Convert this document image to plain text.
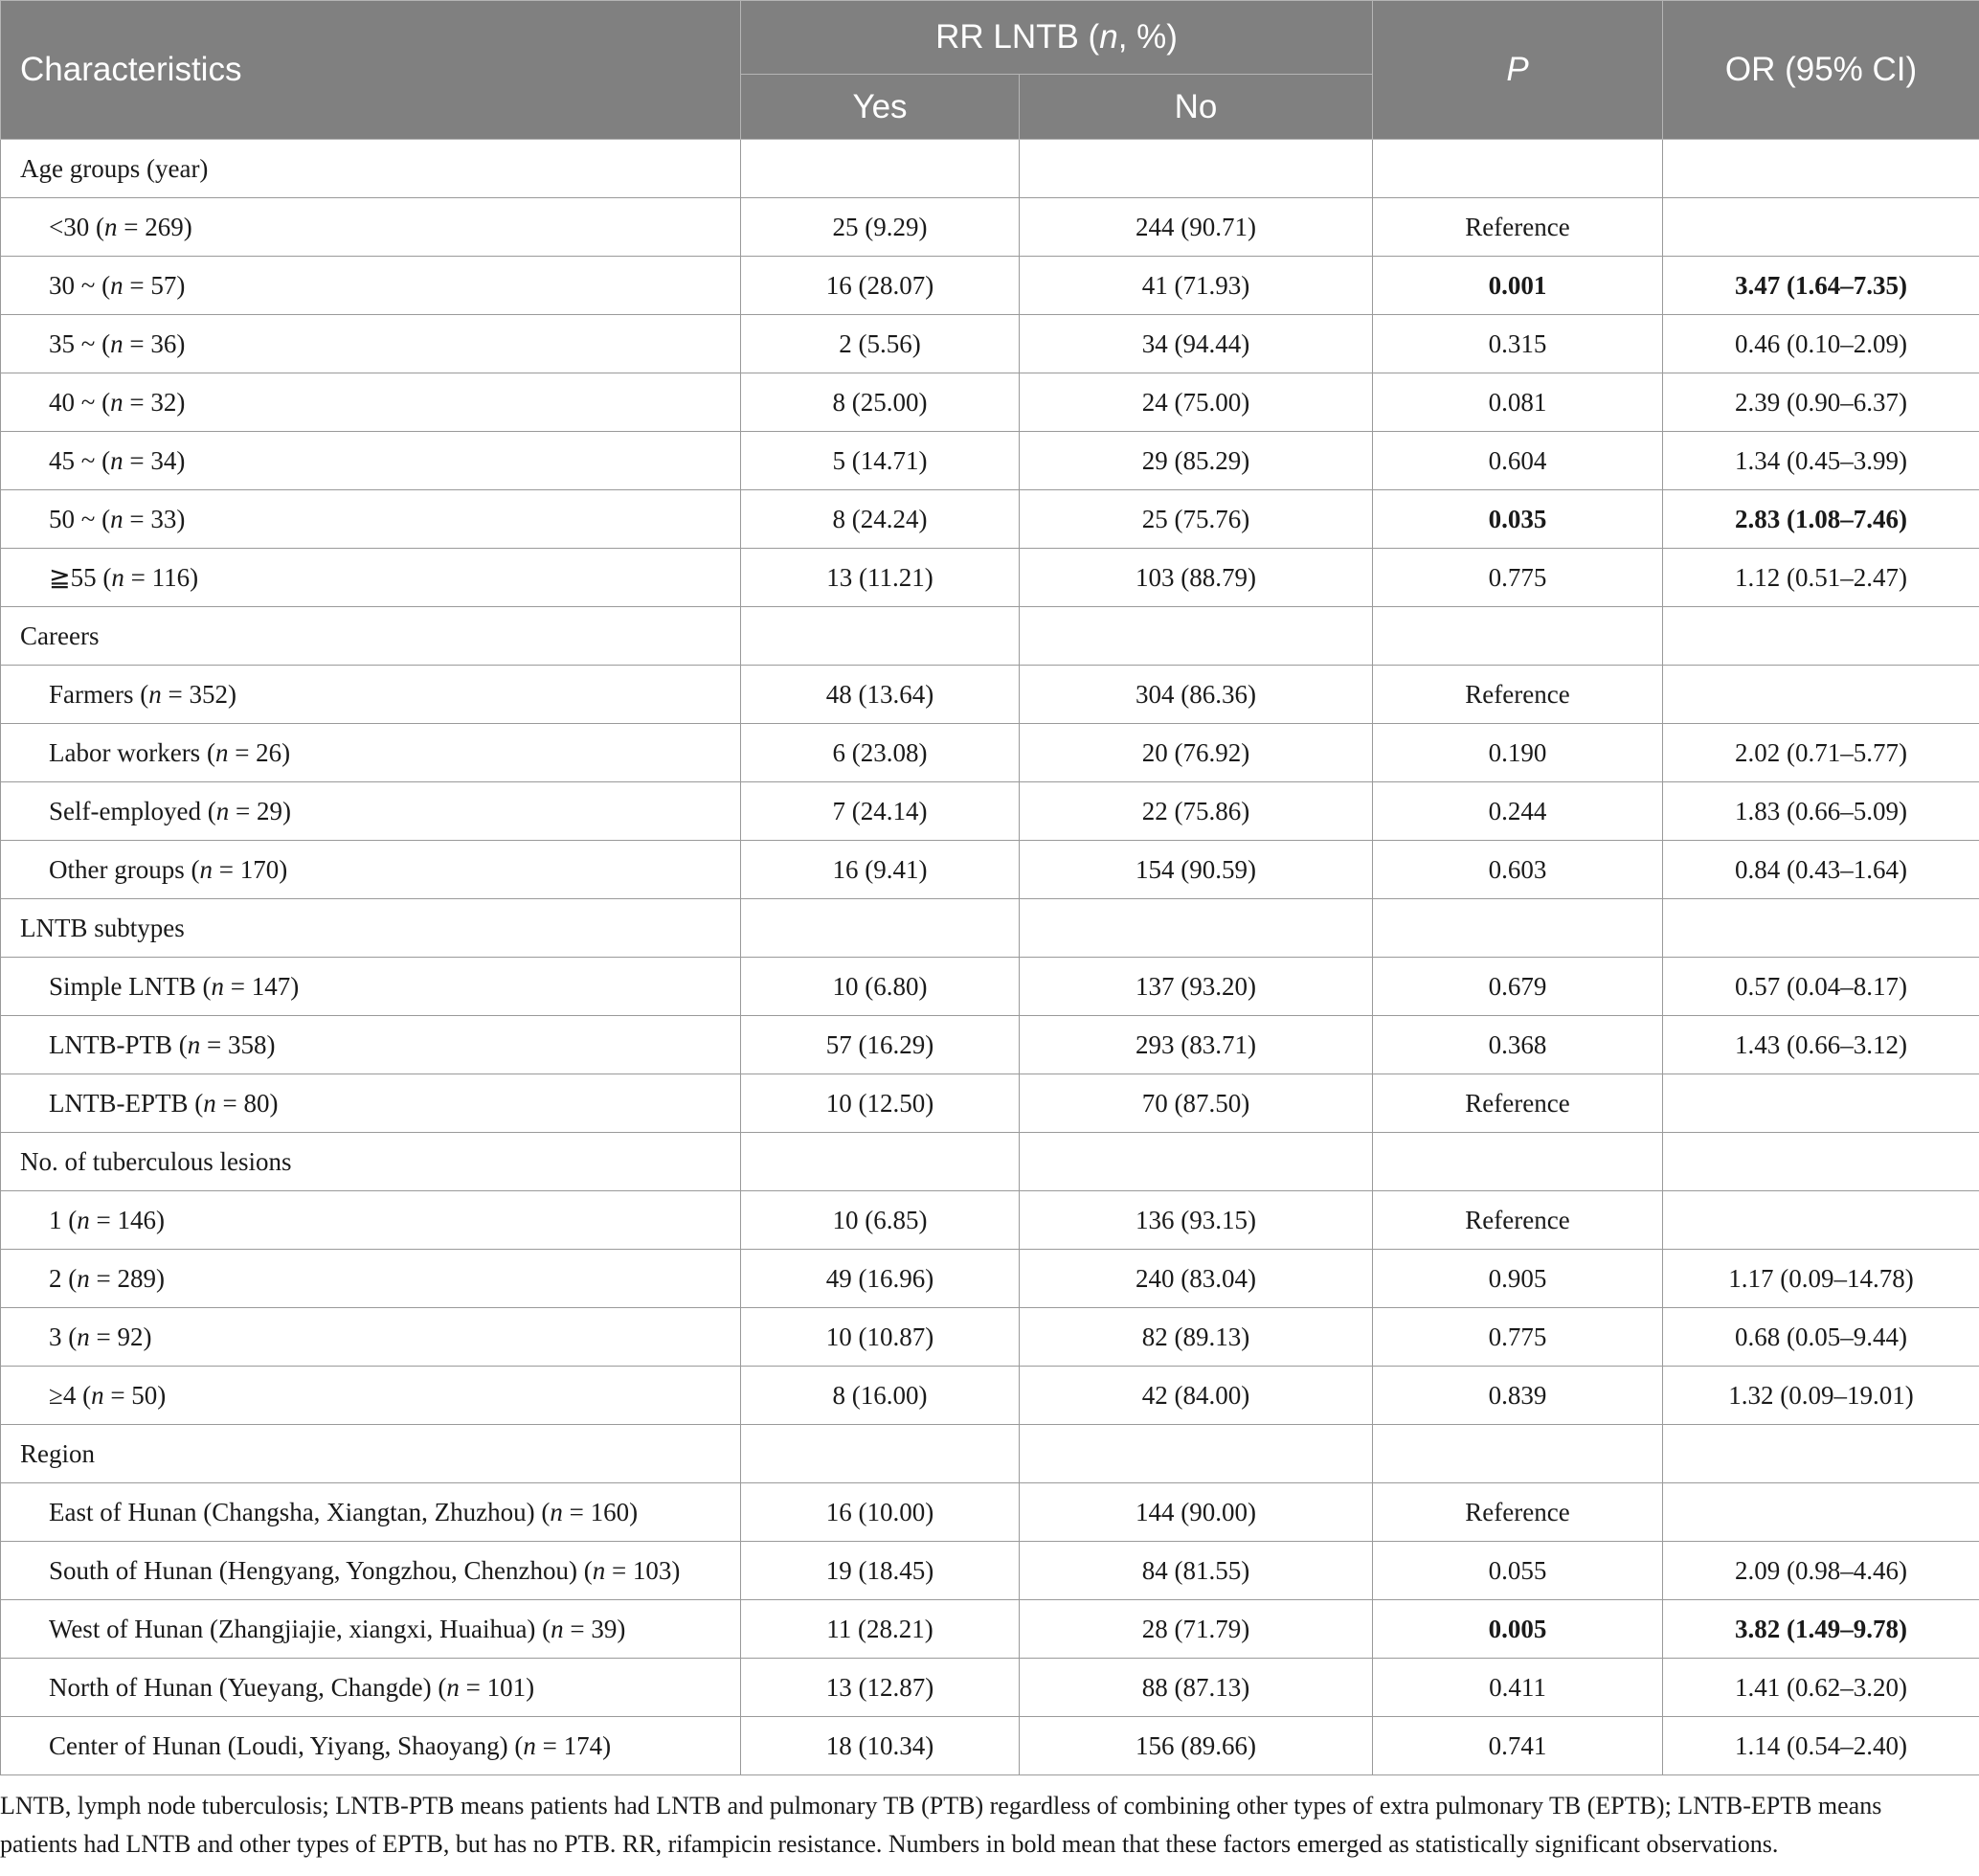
Characteristics	RR LNTB (n, %)		P	OR (95% CI)
	Yes	No		
Age groups (year)				
<30 (n = 269)	25 (9.29)	244 (90.71)	Reference	
30 ~ (n = 57)	16 (28.07)	41 (71.93)	0.001	3.47 (1.64–7.35)
35 ~ (n = 36)	2 (5.56)	34 (94.44)	0.315	0.46 (0.10–2.09)
40 ~ (n = 32)	8 (25.00)	24 (75.00)	0.081	2.39 (0.90–6.37)
45 ~ (n = 34)	5 (14.71)	29 (85.29)	0.604	1.34 (0.45–3.99)
50 ~ (n = 33)	8 (24.24)	25 (75.76)	0.035	2.83 (1.08–7.46)
≧55 (n = 116)	13 (11.21)	103 (88.79)	0.775	1.12 (0.51–2.47)
Careers				
Farmers (n = 352)	48 (13.64)	304 (86.36)	Reference	
Labor workers (n = 26)	6 (23.08)	20 (76.92)	0.190	2.02 (0.71–5.77)
Self-employed (n = 29)	7 (24.14)	22 (75.86)	0.244	1.83 (0.66–5.09)
Other groups (n = 170)	16 (9.41)	154 (90.59)	0.603	0.84 (0.43–1.64)
LNTB subtypes				
Simple LNTB (n = 147)	10 (6.80)	137 (93.20)	0.679	0.57 (0.04–8.17)
LNTB-PTB (n = 358)	57 (16.29)	293 (83.71)	0.368	1.43 (0.66–3.12)
LNTB-EPTB (n = 80)	10 (12.50)	70 (87.50)	Reference	
No. of tuberculous lesions				
1 (n = 146)	10 (6.85)	136 (93.15)	Reference	
2 (n = 289)	49 (16.96)	240 (83.04)	0.905	1.17 (0.09–14.78)
3 (n = 92)	10 (10.87)	82 (89.13)	0.775	0.68 (0.05–9.44)
≥4 (n = 50)	8 (16.00)	42 (84.00)	0.839	1.32 (0.09–19.01)
Region				
East of Hunan (Changsha, Xiangtan, Zhuzhou) (n = 160)	16 (10.00)	144 (90.00)	Reference	
South of Hunan (Hengyang, Yongzhou, Chenzhou) (n = 103)	19 (18.45)	84 (81.55)	0.055	2.09 (0.98–4.46)
West of Hunan (Zhangjiajie, xiangxi, Huaihua) (n = 39)	11 (28.21)	28 (71.79)	0.005	3.82 (1.49–9.78)
North of Hunan (Yueyang, Changde) (n = 101)	13 (12.87)	88 (87.13)	0.411	1.41 (0.62–3.20)
Center of Hunan (Loudi, Yiyang, Shaoyang) (n = 174)	18 (10.34)	156 (89.66)	0.741	1.14 (0.54–2.40)
LNTB, lymph node tuberculosis; LNTB-PTB means patients had LNTB and pulmonary TB (PTB) regardless of combining other types of extra pulmonary TB (EPTB); LNTB-EPTB means patients had LNTB and other types of EPTB, but has no PTB. RR, rifampicin resistance. Numbers in bold mean that these factors emerged as statistically significant observations.
